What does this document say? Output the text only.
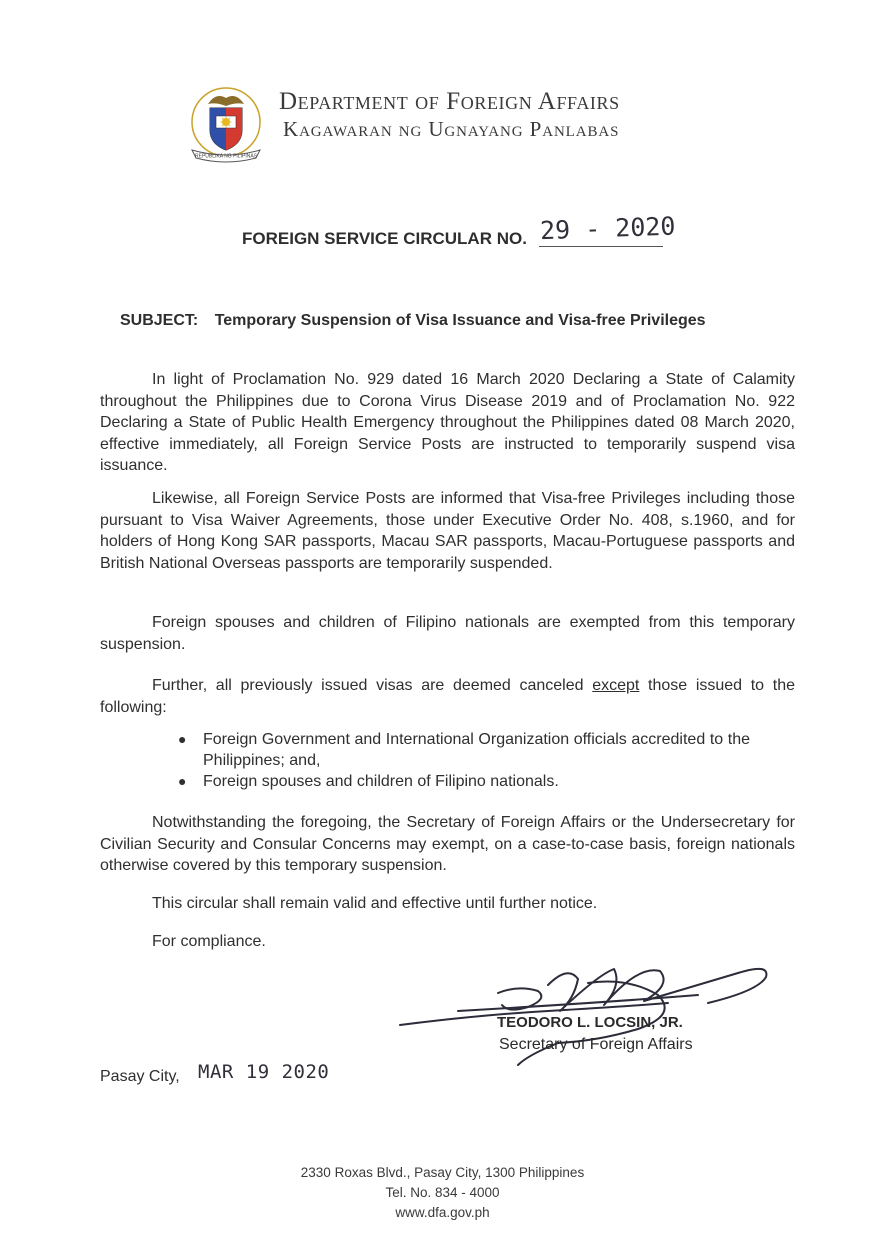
REPUBLIKA NG PILIPINAS
Department of Foreign Affairs
Kagawaran ng Ugnayang Panlabas
FOREIGN SERVICE CIRCULAR NO. 29 - 2020
SUBJECT: Temporary Suspension of Visa Issuance and Visa-free Privileges

In light of Proclamation No. 929 dated 16 March 2020 Declaring a State of Calamity throughout the Philippines due to Corona Virus Disease 2019 and of Proclamation No. 922 Declaring a State of Public Health Emergency throughout the Philippines dated 08 March 2020, effective immediately, all Foreign Service Posts are instructed to temporarily suspend visa issuance.

Likewise, all Foreign Service Posts are informed that Visa-free Privileges including those pursuant to Visa Waiver Agreements, those under Executive Order No. 408, s.1960, and for holders of Hong Kong SAR passports, Macau SAR passports, Macau-Portuguese passports and British National Overseas passports are temporarily suspended.

Foreign spouses and children of Filipino nationals are exempted from this temporary suspension.

Further, all previously issued visas are deemed canceled except those issued to the following:

● Foreign Government and International Organization officials accredited to the Philippines; and,
● Foreign spouses and children of Filipino nationals.

Notwithstanding the foregoing, the Secretary of Foreign Affairs or the Undersecretary for Civilian Security and Consular Concerns may exempt, on a case-to-case basis, foreign nationals otherwise covered by this temporary suspension.

This circular shall remain valid and effective until further notice.

For compliance.

TEODORO L. LOCSIN, JR.
Secretary of Foreign Affairs
Pasay City, MAR 19 2020
2330 Roxas Blvd., Pasay City, 1300 Philippines
Tel. No. 834 - 4000
www.dfa.gov.ph
